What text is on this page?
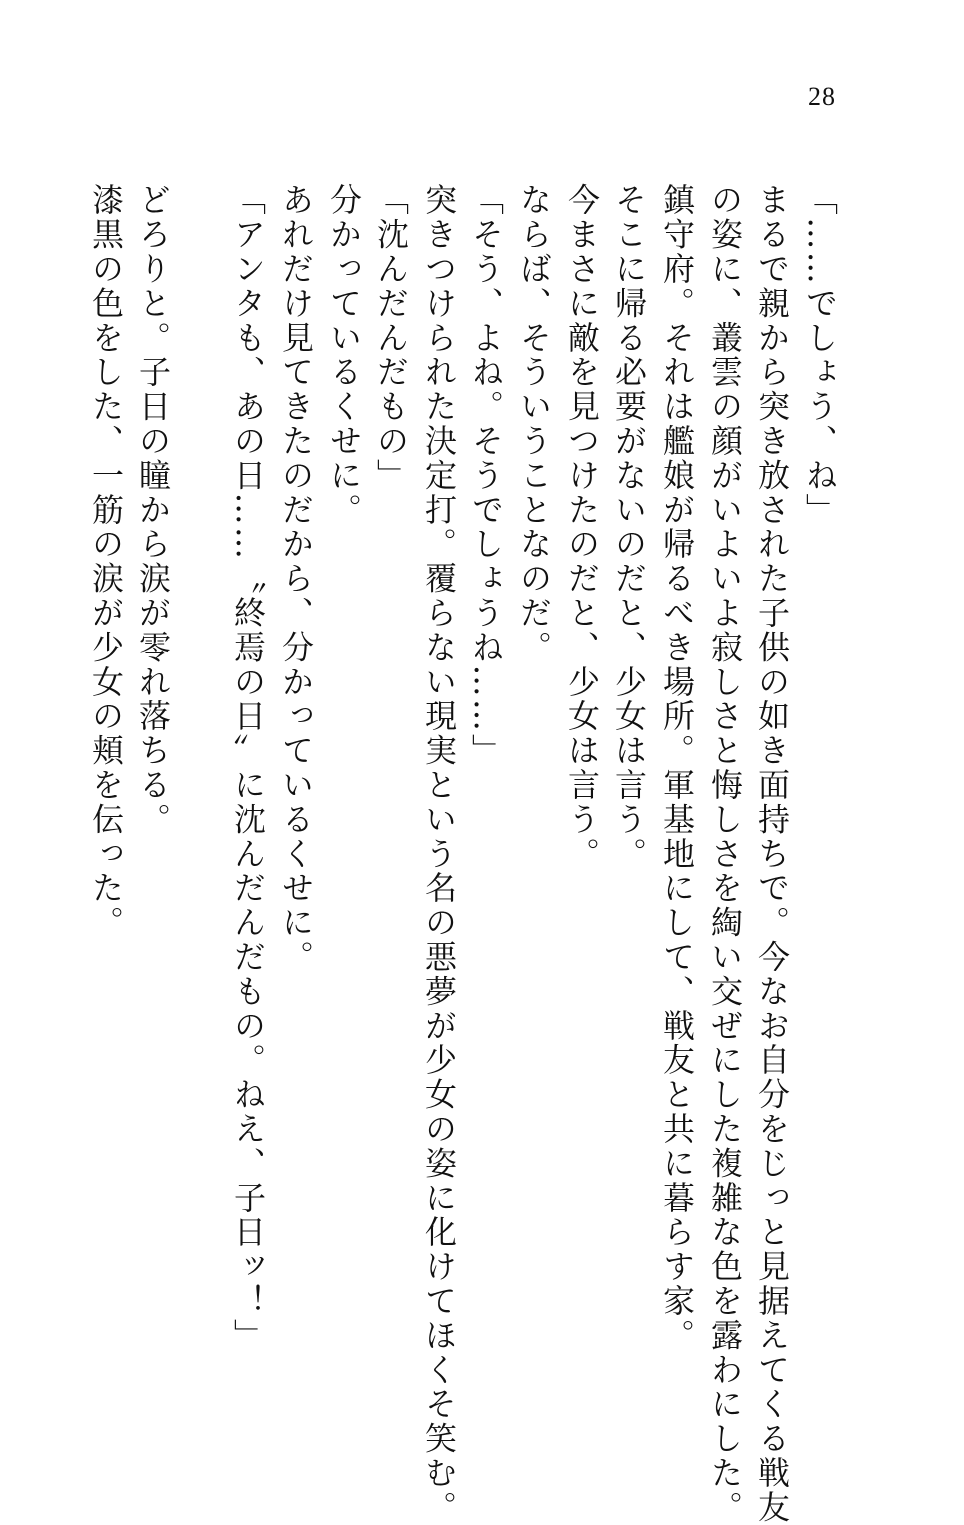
28
「……でしょう、ね」
まるで親から突き放された子供の如き面持ちで。今なお自分をじっと見据えてくる戦友
の姿に、叢雲の顔がいよいよ寂しさと悔しさを綯い交ぜにした複雑な色を露わにした。
鎮守府。それは艦娘が帰るべき場所。軍基地にして、戦友と共に暮らす家。
そこに帰る必要がないのだと、少女は言う。
今まさに敵を見つけたのだと、少女は言う。
ならば、そういうことなのだ。
「そう、よね。そうでしょうね……」
突きつけられた決定打。覆らない現実という名の悪夢が少女の姿に化けてほくそ笑む。
「沈んだんだもの」
分かっているくせに。
あれだけ見てきたのだから、分かっているくせに。
「アンタも、あの日……〝終焉の日〟に沈んだんだもの。ねえ、子日ッ！」
どろりと。子日の瞳から涙が零れ落ちる。
漆黒の色をした、一筋の涙が少女の頬を伝った。
